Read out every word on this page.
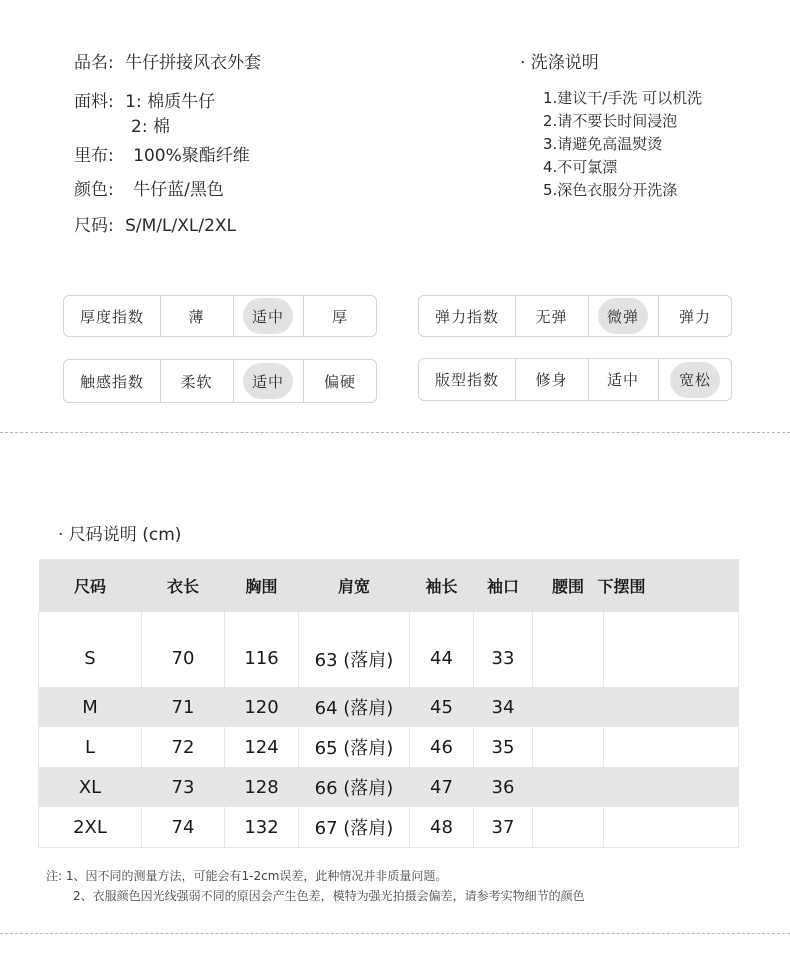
品名: 牛仔拼接风衣外套
面料: 1: 棉质牛仔
2: 棉
里布: 100%聚酯纤维
颜色: 牛仔蓝/黑色
尺码: S/M/L/XL/2XL
· 洗涤说明
1.建议干/手洗 可以机洗
2.请不要长时间浸泡
3.请避免高温熨烫
4.不可氯漂
5.深色衣服分开洗涤
厚度指数	薄	适中	厚	弹力指数 无弹	微弹	弹力
触感指数 柔软	适中	偏硬	版型指数 修身	适中	宽松
· 尺码说明 (cm)
尺码	衣长	胸围	肩宽	袖长	袖口	腰围	下摆围
S	70	116	63 (落肩)	44	33		
M	71	120	64 (落肩)	45	34		
L	72	124	65 (落肩)	46	35		
XL	73	128	66 (落肩)	47	36		
2XL	74	132	67 (落肩)	48	37		
注: 1、因不同的测量方法，可能会有1-2cm误差，此种情况并非质量问题。
2、衣服颜色因光线强弱不同的原因会产生色差，模特为强光拍摄会偏差，请参考实物细节的颜色
